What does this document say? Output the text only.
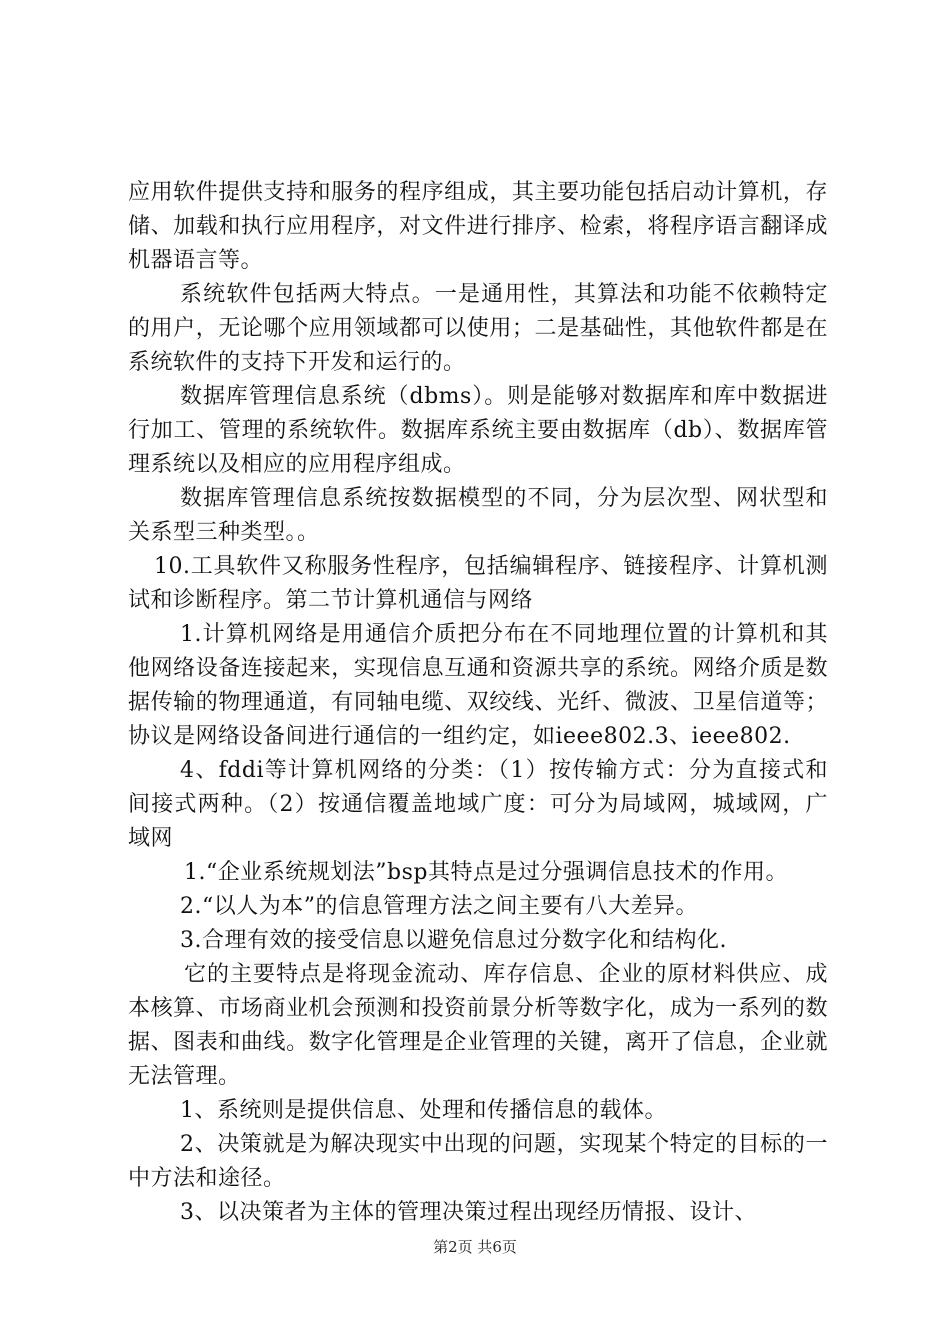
应用软件提供支持和服务的程序组成，其主要功能包括启动计算机，存储、加载和执行应用程序，对文件进行排序、检索，将程序语言翻译成机器语言等。

系统软件包括两大特点。一是通用性，其算法和功能不依赖特定的用户，无论哪个应用领域都可以使用；二是基础性，其他软件都是在系统软件的支持下开发和运行的。

数据库管理信息系统（dbms）。则是能够对数据库和库中数据进行加工、管理的系统软件。数据库系统主要由数据库（db）、数据库管理系统以及相应的应用程序组成。

数据库管理信息系统按数据模型的不同，分为层次型、网状型和关系型三种类型。。

10.工具软件又称服务性程序，包括编辑程序、链接程序、计算机测试和诊断程序。第二节计算机通信与网络

1.计算机网络是用通信介质把分布在不同地理位置的计算机和其他网络设备连接起来，实现信息互通和资源共享的系统。网络介质是数据传输的物理通道，有同轴电缆、双绞线、光纤、微波、卫星信道等；协议是网络设备间进行通信的一组约定，如ieee802.3、ieee802.

4、fddi等计算机网络的分类：（1）按传输方式：分为直接式和间接式两种。（2）按通信覆盖地域广度：可分为局域网，城域网，广域网

1.“企业系统规划法”bsp其特点是过分强调信息技术的作用。

2.“以人为本”的信息管理方法之间主要有八大差异。

3.合理有效的接受信息以避免信息过分数字化和结构化.

它的主要特点是将现金流动、库存信息、企业的原材料供应、成本核算、市场商业机会预测和投资前景分析等数字化，成为一系列的数据、图表和曲线。数字化管理是企业管理的关键，离开了信息，企业就无法管理。

1、系统则是提供信息、处理和传播信息的载体。

2、决策就是为解决现实中出现的问题，实现某个特定的目标的一中方法和途径。

3、以决策者为主体的管理决策过程出现经历情报、设计、

第2页 共6页
